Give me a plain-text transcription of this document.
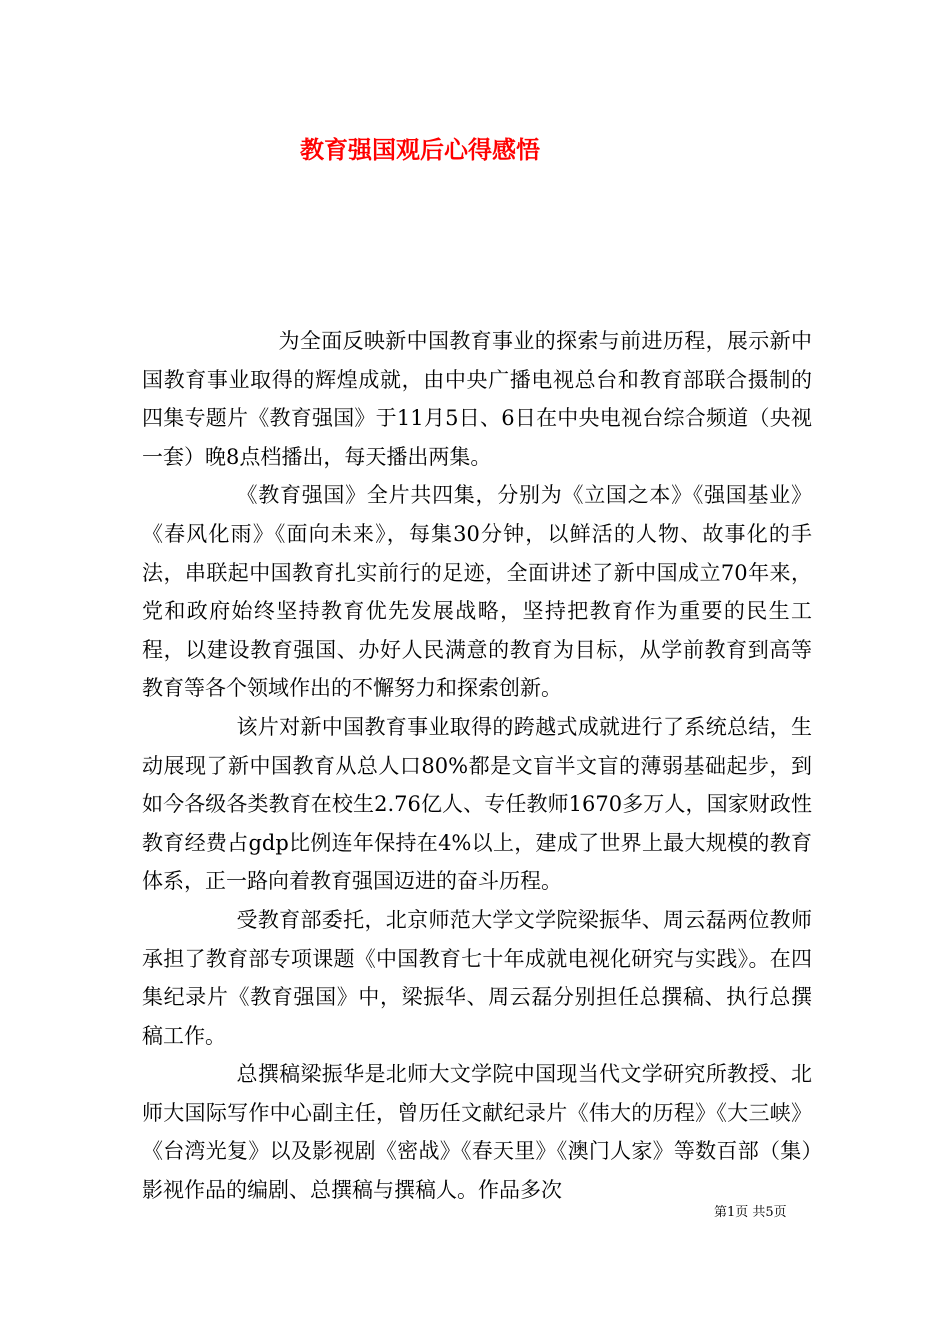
教育强国观后心得感悟

为全面反映新中国教育事业的探索与前进历程，展示新中国教育事业取得的辉煌成就，由中央广播电视总台和教育部联合摄制的四集专题片《教育强国》于11月5日、6日在中央电视台综合频道（央视一套）晚8点档播出，每天播出两集。

《教育强国》全片共四集，分别为《立国之本》《强国基业》《春风化雨》《面向未来》，每集30分钟，以鲜活的人物、故事化的手法，串联起中国教育扎实前行的足迹，全面讲述了新中国成立70年来，党和政府始终坚持教育优先发展战略，坚持把教育作为重要的民生工程，以建设教育强国、办好人民满意的教育为目标，从学前教育到高等教育等各个领域作出的不懈努力和探索创新。

该片对新中国教育事业取得的跨越式成就进行了系统总结，生动展现了新中国教育从总人口80%都是文盲半文盲的薄弱基础起步，到如今各级各类教育在校生2.76亿人、专任教师1670多万人，国家财政性教育经费占gdp比例连年保持在4%以上，建成了世界上最大规模的教育体系，正一路向着教育强国迈进的奋斗历程。

受教育部委托，北京师范大学文学院梁振华、周云磊两位教师承担了教育部专项课题《中国教育七十年成就电视化研究与实践》。在四集纪录片《教育强国》中，梁振华、周云磊分别担任总撰稿、执行总撰稿工作。

总撰稿梁振华是北师大文学院中国现当代文学研究所教授、北师大国际写作中心副主任，曾历任文献纪录片《伟大的历程》《大三峡》《台湾光复》以及影视剧《密战》《春天里》《澳门人家》等数百部（集）影视作品的编剧、总撰稿与撰稿人。作品多次

第1页 共5页
